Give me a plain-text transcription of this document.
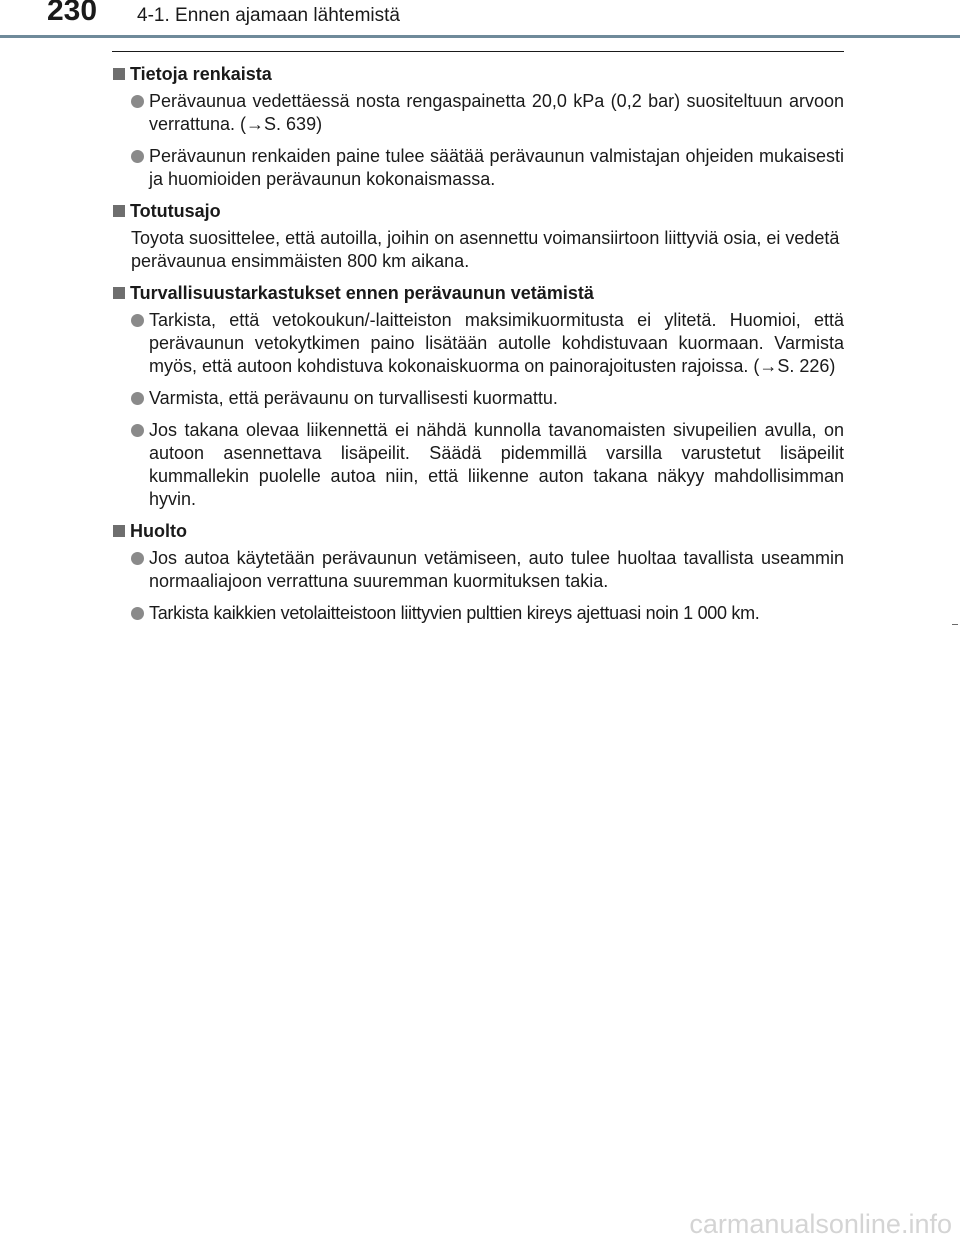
230 4-1. Ennen ajamaan lähtemistä
Tietoja renkaista
Perävaunua vedettäessä nosta rengaspainetta 20,0 kPa (0,2 bar) suositeltuun arvoon verrattuna. (→S. 639)
Perävaunun renkaiden paine tulee säätää perävaunun valmistajan ohjeiden mukaisesti ja huomioiden perävaunun kokonaismassa.
Totutusajo
Toyota suosittelee, että autoilla, joihin on asennettu voimansiirtoon liittyviä osia, ei vedetä perävaunua ensimmäisten 800 km aikana.
Turvallisuustarkastukset ennen perävaunun vetämistä
Tarkista, että vetokoukun/-laitteiston maksimikuormitusta ei ylitetä. Huomioi, että perävaunun vetokytkimen paino lisätään autolle kohdistuvaan kuormaan. Varmista myös, että autoon kohdistuva kokonaiskuorma on painorajoitusten rajoissa. (→S. 226)
Varmista, että perävaunu on turvallisesti kuormattu.
Jos takana olevaa liikennettä ei nähdä kunnolla tavanomaisten sivupeilien avulla, on autoon asennettava lisäpeilit. Säädä pidemmillä varsilla varustetut lisäpeilit kummallekin puolelle autoa niin, että liikenne auton takana näkyy mahdollisimman hyvin.
Huolto
Jos autoa käytetään perävaunun vetämiseen, auto tulee huoltaa tavallista useammin normaaliajoon verrattuna suuremman kuormituksen takia.
Tarkista kaikkien vetolaitteistoon liittyvien pulttien kireys ajettuasi noin 1 000 km.
carmanualsonline.info
